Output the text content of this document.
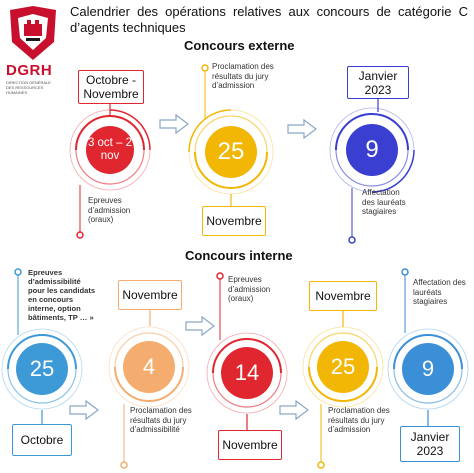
DGRH
DIRECTION GÉNÉRALE DES RESSOURCES HUMAINES
Calendrier des opérations relatives aux concours de catégorie C d’agents techniques
Concours externe
Concours interne
Octobre - Novembre
3 oct – 2 nov
Epreuves d’admission (oraux)
Proclamation des résultats du jury d’admission
25
Novembre
Janvier 2023
9
Affectation des lauréats stagiaires
Epreuves d’admissibilité pour les candidats en concours interne, option bâtiments, TP … »
25
Octobre
Novembre
4
Proclamation des résultats du jury d’admissibilité
Epreuves d’admission (oraux)
14
Novembre
Novembre
25
Proclamation des résultats du jury d’admission
Affectation des lauréats stagiaires
9
Janvier 2023
